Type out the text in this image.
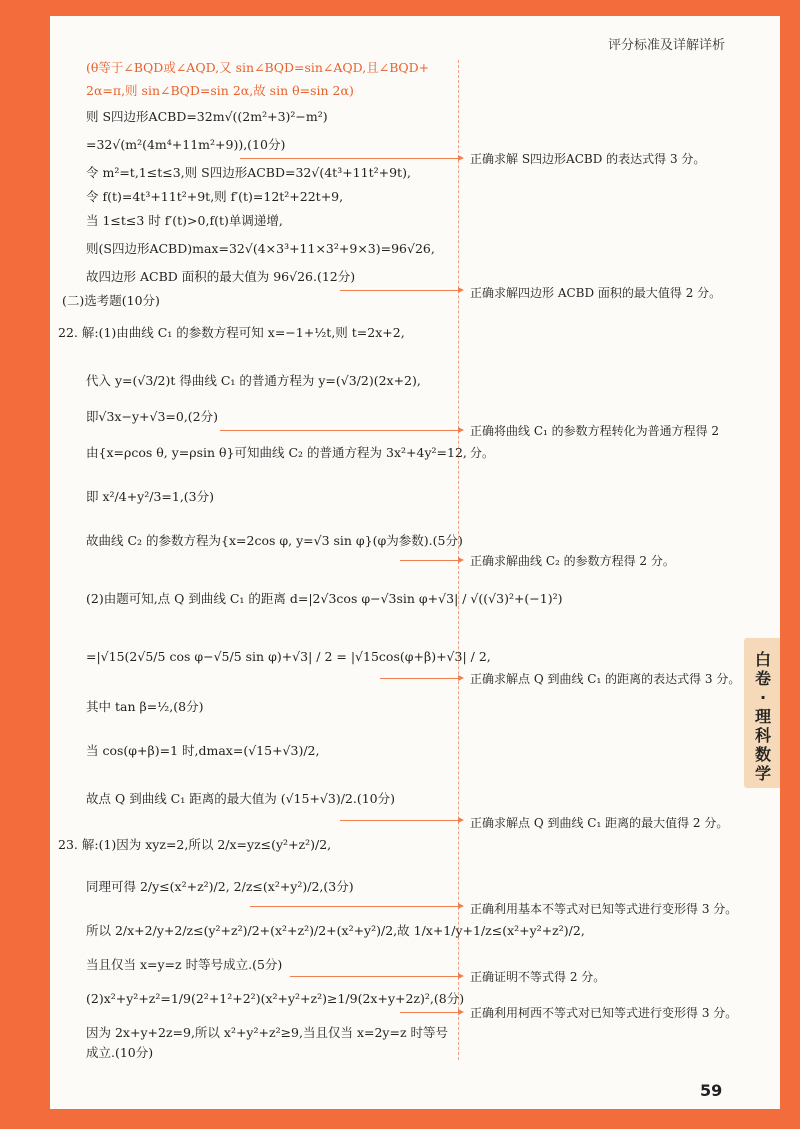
评分标准及详解详析
(θ等于∠BQD或∠AQD,又 sin∠BQD=sin∠AQD,且∠BQD+
2α=π,则 sin∠BQD=sin 2α,故 sin θ=sin 2α)
则 S四边形ACBD=32m√((2m²+3)²−m²)
=32√(m²(4m⁴+11m²+9)),(10分)
令 m²=t,1≤t≤3,则 S四边形ACBD=32√(4t³+11t²+9t),
令 f(t)=4t³+11t²+9t,则 f′(t)=12t²+22t+9,
当 1≤t≤3 时 f′(t)>0,f(t)单调递增,
则(S四边形ACBD)max=32√(4×3³+11×3²+9×3)=96√26,
故四边形 ACBD 面积的最大值为 96√26.(12分)
(二)选考题(10分)
22. 解:(1)由曲线 C₁ 的参数方程可知 x=−1+½t,则 t=2x+2,
代入 y=(√3/2)t 得曲线 C₁ 的普通方程为 y=(√3/2)(2x+2),
即√3x−y+√3=0,(2分)
由{x=ρcos θ, y=ρsin θ}可知曲线 C₂ 的普通方程为 3x²+4y²=12,
即 x²/4+y²/3=1,(3分)
故曲线 C₂ 的参数方程为{x=2cos φ, y=√3 sin φ}(φ为参数).(5分)
(2)由题可知,点 Q 到曲线 C₁ 的距离 d=|2√3cos φ−√3sin φ+√3| / √((√3)²+(−1)²)
=|√15(2√5/5 cos φ−√5/5 sin φ)+√3| / 2 = |√15cos(φ+β)+√3| / 2,
其中 tan β=½,(8分)
当 cos(φ+β)=1 时,dmax=(√15+√3)/2,
故点 Q 到曲线 C₁ 距离的最大值为 (√15+√3)/2.(10分)
23. 解:(1)因为 xyz=2,所以 2/x=yz≤(y²+z²)/2,
同理可得 2/y≤(x²+z²)/2, 2/z≤(x²+y²)/2,(3分)
所以 2/x+2/y+2/z≤(y²+z²)/2+(x²+z²)/2+(x²+y²)/2,故 1/x+1/y+1/z≤(x²+y²+z²)/2,
当且仅当 x=y=z 时等号成立.(5分)
(2)x²+y²+z²=1/9(2²+1²+2²)(x²+y²+z²)≥1/9(2x+y+2z)²,(8分)
因为 2x+y+2z=9,所以 x²+y²+z²≥9,当且仅当 x=2y=z 时等号
成立.(10分)
正确求解 S四边形ACBD 的表达式得 3 分。
正确求解四边形 ACBD 面积的最大值得 2 分。
正确将曲线 C₁ 的参数方程转化为普通方程得 2 分。
正确求解曲线 C₂ 的参数方程得 2 分。
正确求解点 Q 到曲线 C₁ 的距离的表达式得 3 分。
正确求解点 Q 到曲线 C₁ 距离的最大值得 2 分。
正确利用基本不等式对已知等式进行变形得 3 分。
正确证明不等式得 2 分。
正确利用柯西不等式对已知等式进行变形得 3 分。
白卷·理科数学
59
